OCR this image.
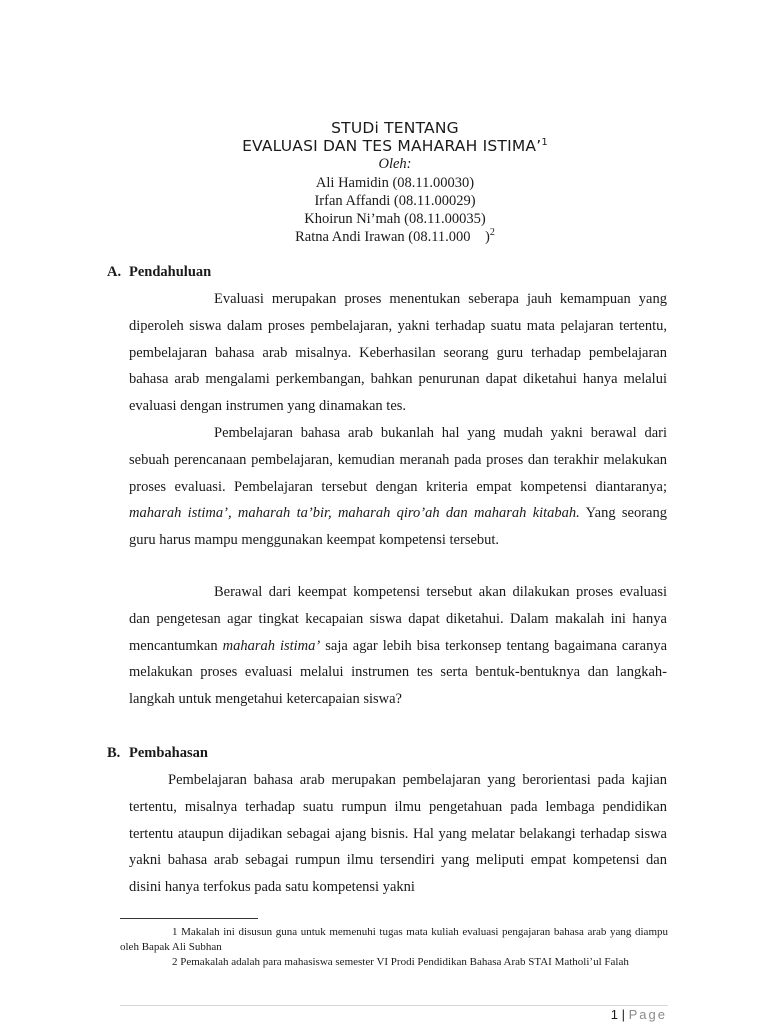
STUDi TENTANG
EVALUASI DAN TES MAHARAH ISTIMA’$^1$
Oleh:
Ali Hamidin (08.11.00030)
Irfan Affandi (08.11.00029)
Khoirun Ni’mah (08.11.00035)
Ratna Andi Irawan (08.11.000    )$^2$
A. Pendahuluan

Evaluasi merupakan proses menentukan seberapa jauh kemampuan yang diperoleh siswa dalam proses pembelajaran, yakni terhadap suatu mata pelajaran tertentu, pembelajaran bahasa arab misalnya. Keberhasilan seorang guru terhadap pembelajaran bahasa arab mengalami perkembangan, bahkan penurunan dapat diketahui hanya melalui evaluasi dengan instrumen yang dinamakan tes.

Pembelajaran bahasa arab bukanlah hal yang mudah yakni berawal dari sebuah perencanaan pembelajaran, kemudian meranah pada proses dan terakhir melakukan proses evaluasi. Pembelajaran tersebut dengan kriteria empat kompetensi diantaranya; maharah istima’, maharah ta’bir, maharah qiro’ah dan maharah kitabah. Yang seorang guru harus mampu menggunakan keempat kompetensi tersebut.

Berawal dari keempat kompetensi tersebut akan dilakukan proses evaluasi dan pengetesan agar tingkat kecapaian siswa dapat diketahui. Dalam makalah ini hanya mencantumkan maharah istima’ saja agar lebih bisa terkonsep tentang bagaimana caranya melakukan proses evaluasi melalui instrumen tes serta bentuk-bentuknya dan langkah-langkah untuk mengetahui ketercapaian siswa?

B. Pembahasan

Pembelajaran bahasa arab merupakan pembelajaran yang berorientasi pada kajian tertentu, misalnya terhadap suatu rumpun ilmu pengetahuan pada lembaga pendidikan tertentu ataupun dijadikan sebagai ajang bisnis. Hal yang melatar belakangi terhadap siswa yakni bahasa arab sebagai rumpun ilmu tersendiri yang meliputi empat kompetensi dan disini hanya terfokus pada satu kompetensi yakni

1 Makalah ini disusun guna untuk memenuhi tugas mata kuliah evaluasi pengajaran bahasa arab yang diampu oleh Bapak Ali Subhan

2 Pemakalah adalah para mahasiswa semester VI Prodi Pendidikan Bahasa Arab STAI Matholi’ul Falah

1 | Page
